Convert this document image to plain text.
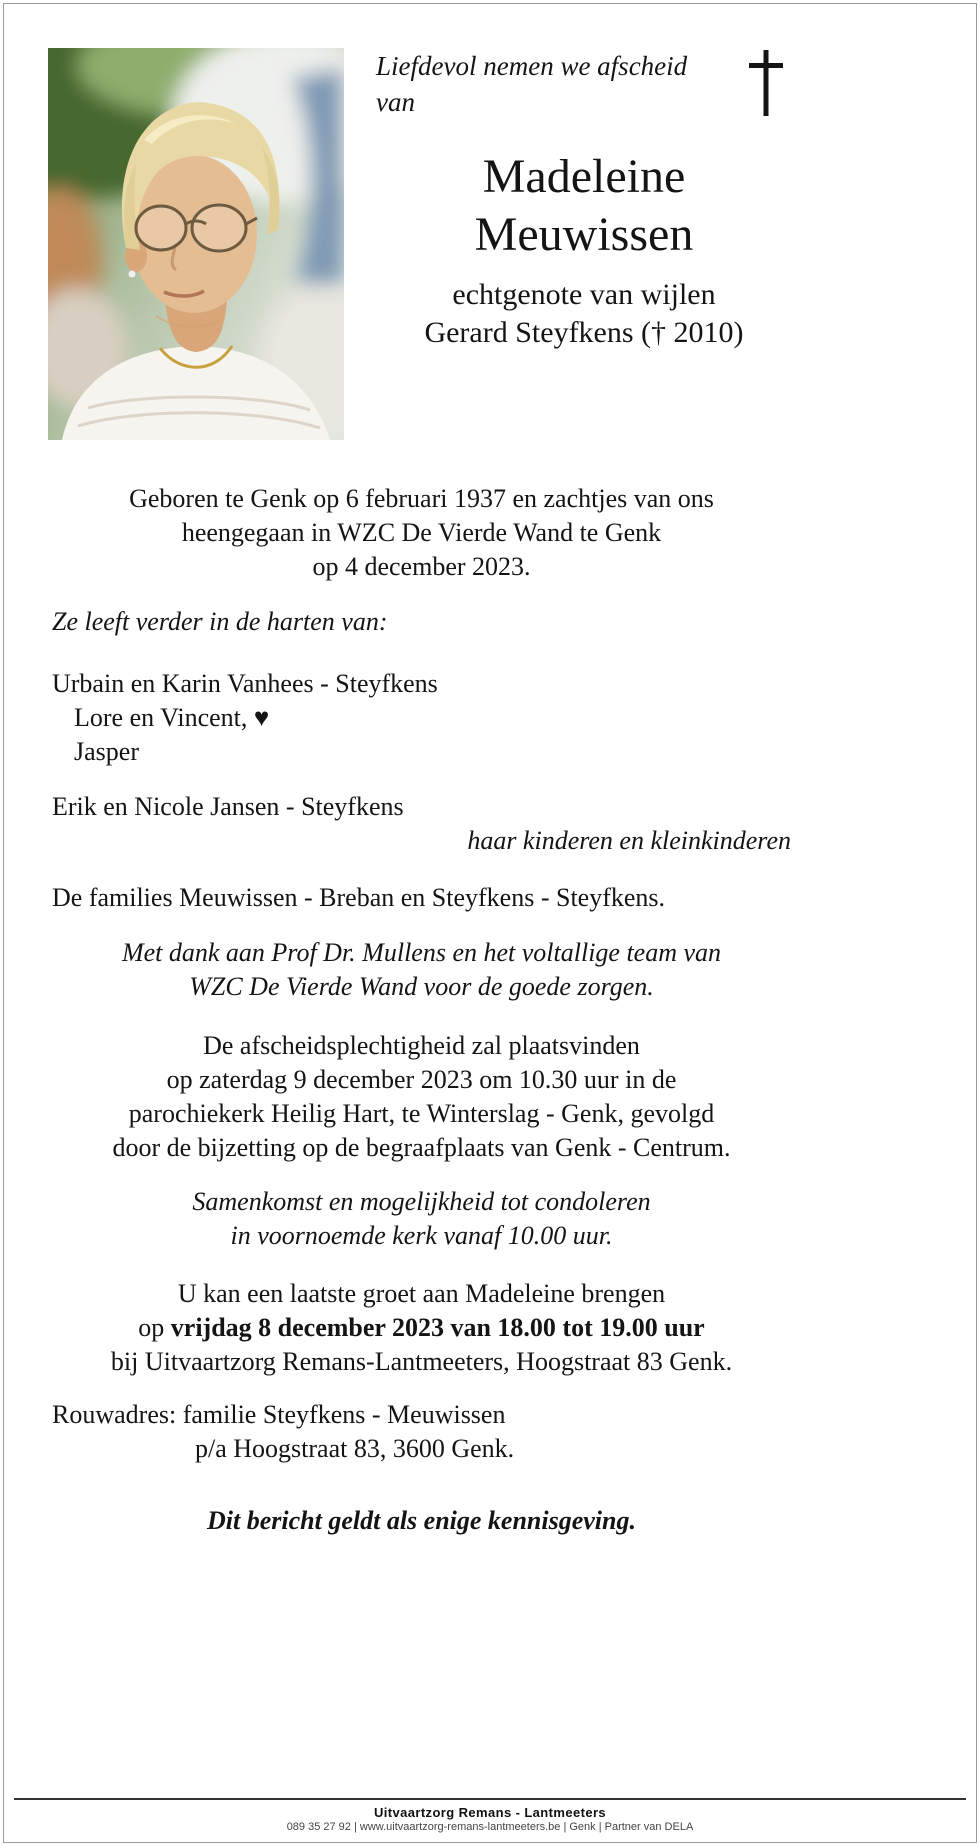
Liefdevol nemen we afscheid
van
Madeleine
Meuwissen
echtgenote van wijlen
Gerard Steyfkens († 2010)
Geboren te Genk op 6 februari 1937 en zachtjes van ons
heengegaan in WZC De Vierde Wand te Genk
op 4 december 2023.
Ze leeft verder in de harten van:
Urbain en Karin Vanhees - Steyfkens
Lore en Vincent, ♥
Jasper
Erik en Nicole Jansen - Steyfkens
haar kinderen en kleinkinderen
De families Meuwissen - Breban en Steyfkens - Steyfkens.
Met dank aan Prof Dr. Mullens en het voltallige team van
WZC De Vierde Wand voor de goede zorgen.
De afscheidsplechtigheid zal plaatsvinden
op zaterdag 9 december 2023 om 10.30 uur in de
parochiekerk Heilig Hart, te Winterslag - Genk, gevolgd
door de bijzetting op de begraafplaats van Genk - Centrum.
Samenkomst en mogelijkheid tot condoleren
in voornoemde kerk vanaf 10.00 uur.
U kan een laatste groet aan Madeleine brengen
op vrijdag 8 december 2023 van 18.00 tot 19.00 uur
bij Uitvaartzorg Remans-Lantmeeters, Hoogstraat 83 Genk.
Rouwadres: familie Steyfkens - Meuwissen
p/a Hoogstraat 83, 3600 Genk.
Dit bericht geldt als enige kennisgeving.
Uitvaartzorg Remans - Lantmeeters
089 35 27 92 | www.uitvaartzorg-remans-lantmeeters.be | Genk | Partner van DELA
